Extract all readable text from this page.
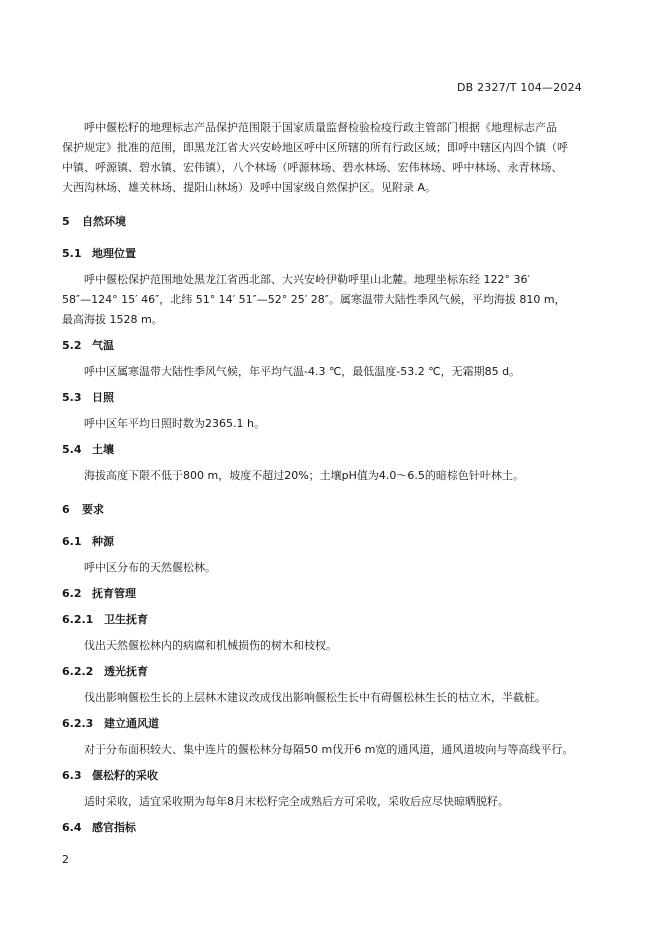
DB 2327/T 104—2024
呼中偃松籽的地理标志产品保护范围限于国家质量监督检验检疫行政主管部门根据《地理标志产品
保护规定》批准的范围，即黑龙江省大兴安岭地区呼中区所辖的所有行政区域；即呼中辖区内四个镇（呼
中镇、呼源镇、碧水镇、宏伟镇），八个林场（呼源林场、碧水林场、宏伟林场、呼中林场、永青林场、
大西沟林场、雄关林场、提阳山林场）及呼中国家级自然保护区。见附录 A。
5 自然环境
5.1 地理位置
呼中偃松保护范围地处黑龙江省西北部、大兴安岭伊勒呼里山北麓。地理坐标东经 122° 36′
58″—124° 15′ 46″，北纬 51° 14′ 51″—52° 25′ 28″。属寒温带大陆性季风气候，平均海拔 810 m，
最高海拔 1528 m。
5.2 气温
呼中区属寒温带大陆性季风气候，年平均气温-4.3 ℃，最低温度-53.2 ℃，无霜期85 d。
5.3 日照
呼中区年平均日照时数为2365.1 h。
5.4 土壤
海拔高度下限不低于800 m，坡度不超过20%；土壤pH值为4.0～6.5的暗棕色针叶林土。
6 要求
6.1 种源
呼中区分布的天然偃松林。
6.2 抚育管理
6.2.1 卫生抚育
伐出天然偃松林内的病腐和机械损伤的树木和枝杈。
6.2.2 透光抚育
伐出影响偃松生长的上层林木建议改成伐出影响偃松生长中有碍偃松林生长的枯立木，半截桩。
6.2.3 建立通风道
对于分布面积较大、集中连片的偃松林分每隔50 m伐开6 m宽的通风道，通风道坡向与等高线平行。
6.3 偃松籽的采收
适时采收，适宜采收期为每年8月末松籽完全成熟后方可采收，采收后应尽快晾晒脱籽。
6.4 感官指标
2
